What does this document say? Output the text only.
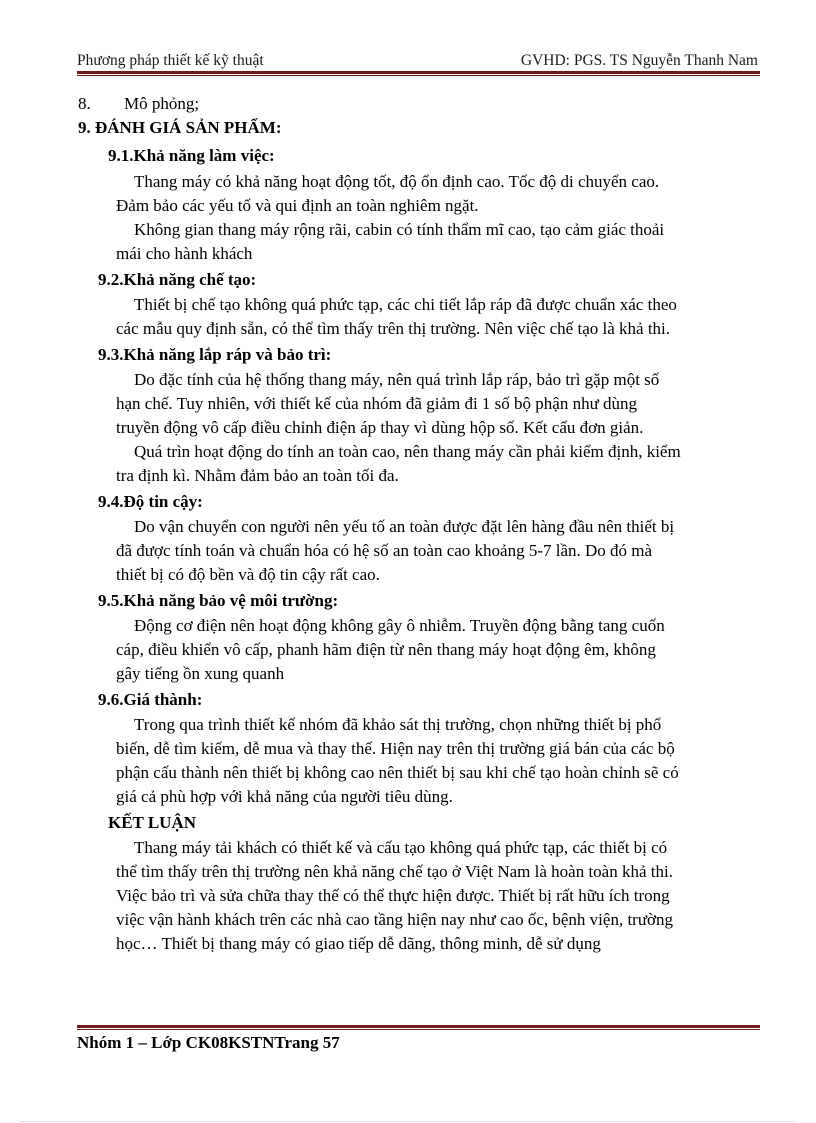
Phương pháp thiết kế kỹ thuật	GVHD: PGS. TS Nguyễn Thanh Nam
8. Mô phỏng;
9. ĐÁNH GIÁ SẢN PHẨM:
9.1.Khả năng làm việc:
Thang máy có khả năng hoạt động tốt, độ ổn định cao. Tốc độ di chuyển cao.
Đảm bảo các yếu tố và qui định an toàn nghiêm ngặt.
Không gian thang máy rộng rãi, cabin có tính thẩm mĩ cao, tạo cảm giác thoải
mái cho hành khách
9.2.Khả năng chế tạo:
Thiết bị chế tạo không quá phức tạp, các chi tiết lắp ráp đã được chuẩn xác theo
các mẫu quy định sẵn, có thể tìm thấy trên thị trường. Nên việc chế tạo là khả thi.
9.3.Khả năng lắp ráp và bảo trì:
Do đặc tính của hệ thống thang máy, nên quá trình lắp ráp, bảo trì gặp một số
hạn chế. Tuy nhiên, với thiết kế của nhóm đã giảm đi 1 số bộ phận như dùng
truyền động vô cấp điều chỉnh điện áp thay vì dùng hộp số. Kết cấu đơn giản.
Quá trìn hoạt động do tính an toàn cao, nên thang máy cần phải kiểm định, kiểm
tra định kì. Nhằm đảm bảo an toàn tối đa.
9.4.Độ tin cậy:
Do vận chuyển con người nên yếu tố an toàn được đặt lên hàng đầu nên thiết bị
đã được tính toán và chuẩn hóa có hệ số an toàn cao khoảng 5-7 lần. Do đó mà
thiết bị có độ bền và độ tin cậy rất cao.
9.5.Khả năng bảo vệ môi trường:
Động cơ điện nên hoạt động không gây ô nhiễm. Truyền động bằng tang cuốn
cáp, điều khiển vô cấp, phanh hãm điện từ nên thang máy hoạt động êm, không
gây tiếng ồn xung quanh
9.6.Giá thành:
Trong qua trình thiết kế nhóm đã khảo sát thị trường, chọn những thiết bị phổ
biến, dễ tìm kiếm, dễ mua và thay thế. Hiện nay trên thị trường giá bán của các bộ
phận cấu thành nên thiết bị không cao nên thiết bị sau khi chế tạo hoàn chỉnh sẽ có
giá cả phù hợp với khả năng của người tiêu dùng.
KẾT LUẬN
Thang máy tải khách có thiết kế và cấu tạo không quá phức tạp, các thiết bị có
thể tìm thấy trên thị trường nên khả năng chế tạo ở Việt Nam là hoàn toàn khả thi.
Việc bảo trì và sửa chữa thay thế có thể thực hiện được. Thiết bị rất hữu ích trong
việc vận hành khách trên các nhà cao tầng hiện nay như cao ốc, bệnh viện, trường
học… Thiết bị thang máy có giao tiếp dễ dãng, thông minh, dễ sử dụng
Nhóm 1 – Lớp CK08KSTNTrang 57
